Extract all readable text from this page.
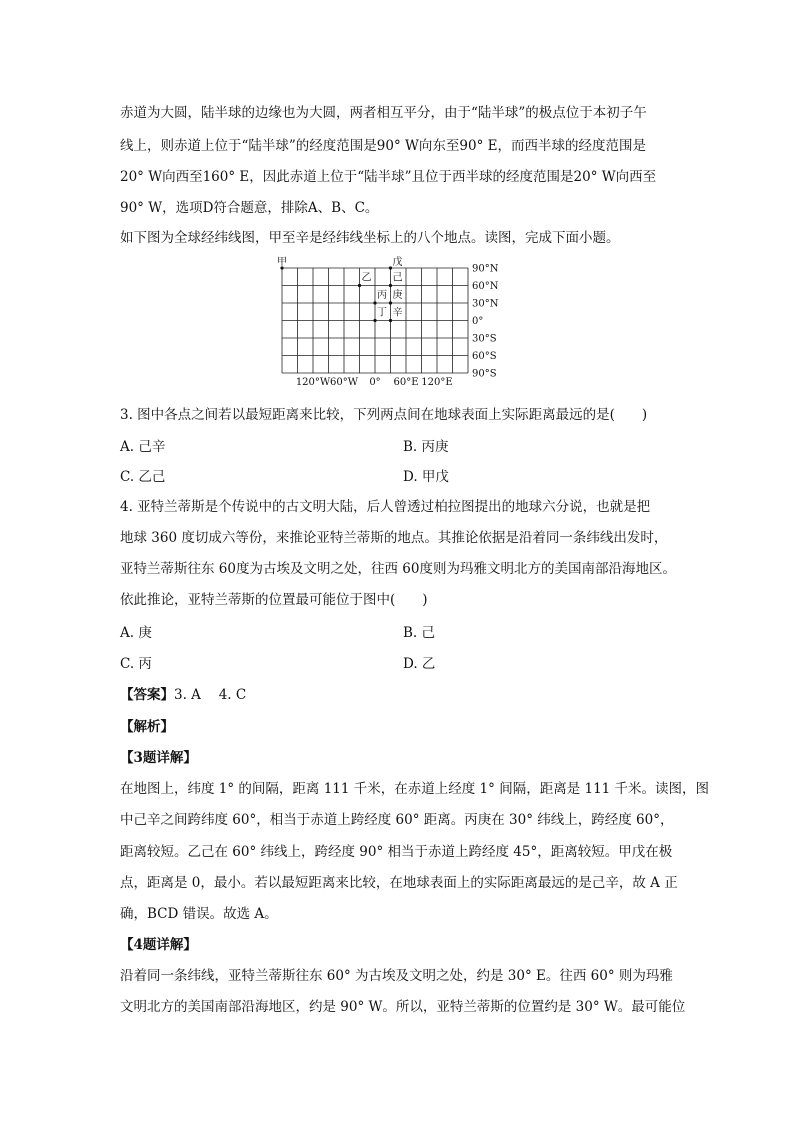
赤道为大圆，陆半球的边缘也为大圆，两者相互平分，由于“陆半球”的极点位于本初子午
线上，则赤道上位于“陆半球”的经度范围是90° W向东至90° E，而西半球的经度范围是
20° W向西至160° E，因此赤道上位于“陆半球”且位于西半球的经度范围是20° W向西至
90° W，选项D符合题意，排除A、B、C。
如下图为全球经纬线图，甲至辛是经纬线坐标上的八个地点。读图，完成下面小题。
90°N
60°N
30°N
0°
30°S
60°S
90°S
120°W 60°W 0° 60°E 120°E
甲	戊
乙 己
丙 庚
丁 辛
3. 图中各点之间若以最短距离来比较，下列两点间在地球表面上实际距离最远的是(　　)
A. 己辛	B. 丙庚
C. 乙己	D. 甲戊
4. 亚特兰蒂斯是个传说中的古文明大陆，后人曾透过柏拉图提出的地球六分说，也就是把
地球 360 度切成六等份，来推论亚特兰蒂斯的地点。其推论依据是沿着同一条纬线出发时，
亚特兰蒂斯往东 60度为古埃及文明之处，往西 60度则为玛雅文明北方的美国南部沿海地区。
依此推论，亚特兰蒂斯的位置最可能位于图中(　　)
A. 庚	B. 己
C. 丙	D. 乙
【答案】3. A　 4. C
【解析】
【3题详解】
在地图上，纬度 1° 的间隔，距离 111 千米，在赤道上经度 1° 间隔，距离是 111 千米。读图，图
中己辛之间跨纬度 60°，相当于赤道上跨经度 60° 距离。丙庚在 30° 纬线上，跨经度 60°，
距离较短。乙己在 60° 纬线上，跨经度 90° 相当于赤道上跨经度 45°，距离较短。甲戊在极
点，距离是 0，最小。若以最短距离来比较，在地球表面上的实际距离最远的是己辛，故 A 正
确，BCD 错误。故选 A。
【4题详解】
沿着同一条纬线，亚特兰蒂斯往东 60° 为古埃及文明之处，约是 30° E。往西 60° 则为玛雅
文明北方的美国南部沿海地区，约是 90° W。所以，亚特兰蒂斯的位置约是 30° W。最可能位
